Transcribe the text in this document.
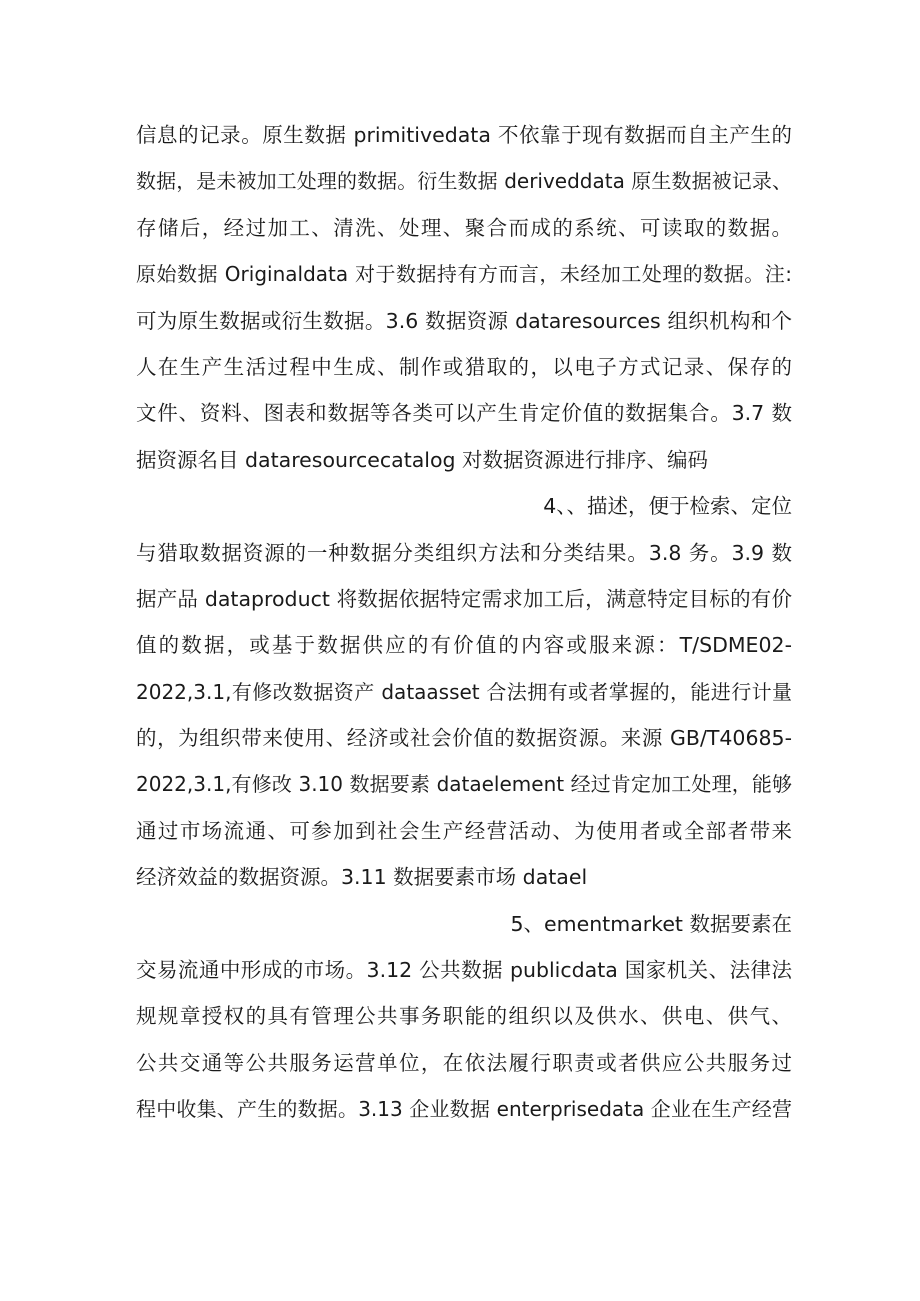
信息的记录。原生数据 primitivedata 不依靠于现有数据而自主产生的
数据，是未被加工处理的数据。衍生数据 deriveddata 原生数据被记录、
存储后，经过加工、清洗、处理、聚合而成的系统、可读取的数据。
原始数据 Originaldata 对于数据持有方而言，未经加工处理的数据。注:
可为原生数据或衍生数据。3.6 数据资源 dataresources 组织机构和个
人在生产生活过程中生成、制作或猎取的，以电子方式记录、保存的
文件、资料、图表和数据等各类可以产生肯定价值的数据集合。3.7 数
据资源名目 dataresourcecatalog 对数据资源进行排序、编码
4、、描述，便于检索、定位
与猎取数据资源的一种数据分类组织方法和分类结果。3.8 务。3.9 数
据产品 dataproduct 将数据依据特定需求加工后，满意特定目标的有价
值的数据，或基于数据供应的有价值的内容或服来源：T/SDME02-
2022,3.1,有修改数据资产 dataasset 合法拥有或者掌握的，能进行计量
的，为组织带来使用、经济或社会价值的数据资源。来源 GB/T40685-
2022,3.1,有修改 3.10 数据要素 dataelement 经过肯定加工处理，能够
通过市场流通、可参加到社会生产经营活动、为使用者或全部者带来
经济效益的数据资源。3.11 数据要素市场 datael
5、ementmarket 数据要素在
交易流通中形成的市场。3.12 公共数据 publicdata 国家机关、法律法
规规章授权的具有管理公共事务职能的组织以及供水、供电、供气、
公共交通等公共服务运营单位，在依法履行职责或者供应公共服务过
程中收集、产生的数据。3.13 企业数据 enterprisedata 企业在生产经营
